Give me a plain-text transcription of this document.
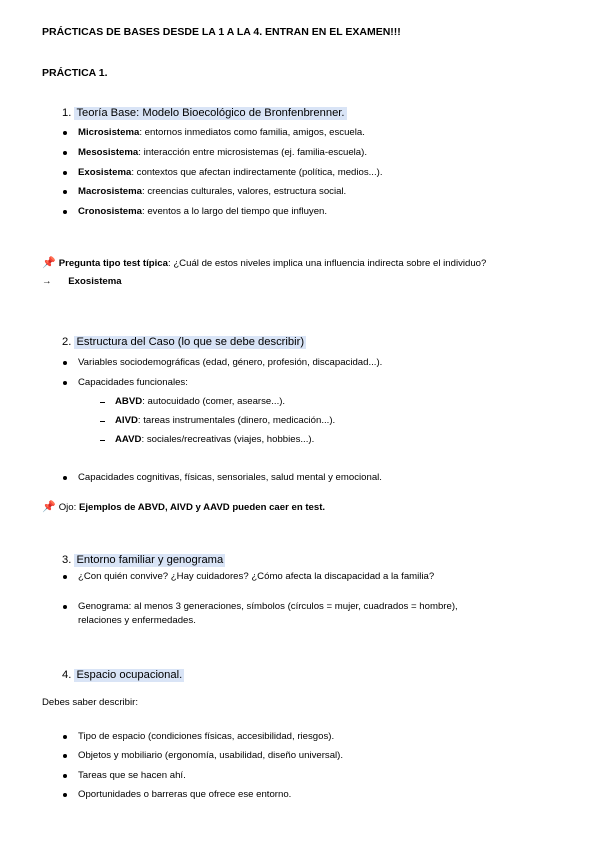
PRÁCTICAS DE BASES DESDE LA 1 A LA 4. ENTRAN EN EL EXAMEN!!!
PRÁCTICA 1.
1. Teoría Base: Modelo Bioecológico de Bronfenbrenner.
Microsistema: entornos inmediatos como familia, amigos, escuela.
Mesosistema: interacción entre microsistemas (ej. familia-escuela).
Exosistema: contextos que afectan indirectamente (política, medios...).
Macrosistema: creencias culturales, valores, estructura social.
Cronosistema: eventos a lo largo del tiempo que influyen.
📌 Pregunta tipo test típica: ¿Cuál de estos niveles implica una influencia indirecta sobre el individuo?
→ Exosistema
2. Estructura del Caso (lo que se debe describir)
Variables sociodemográficas (edad, género, profesión, discapacidad...).
Capacidades funcionales:
ABVD: autocuidado (comer, asearse...).
AIVD: tareas instrumentales (dinero, medicación...).
AAVD: sociales/recreativas (viajes, hobbies...).
Capacidades cognitivas, físicas, sensoriales, salud mental y emocional.
📌 Ojo: Ejemplos de ABVD, AIVD y AAVD pueden caer en test.
3. Entorno familiar y genograma
¿Con quién convive? ¿Hay cuidadores? ¿Cómo afecta la discapacidad a la familia?
Genograma: al menos 3 generaciones, símbolos (círculos = mujer, cuadrados = hombre),
relaciones y enfermedades.
4. Espacio ocupacional.
Debes saber describir:
Tipo de espacio (condiciones físicas, accesibilidad, riesgos).
Objetos y mobiliario (ergonomía, usabilidad, diseño universal).
Tareas que se hacen ahí.
Oportunidades o barreras que ofrece ese entorno.
